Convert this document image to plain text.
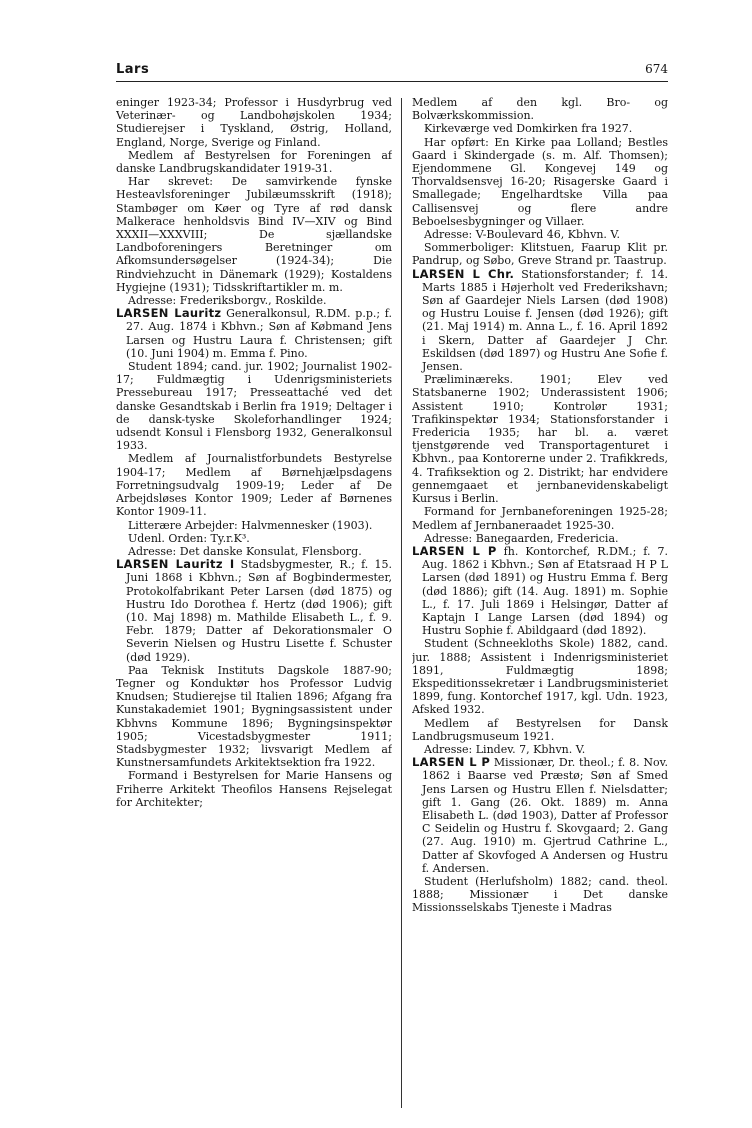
Lars	674

eninger 1923-34; Professor i Husdyrbrug ved Veterinær- og Landbohøjskolen 1934; Studierejser i Tyskland, Østrig, Holland, England, Norge, Sverige og Finland.

Medlem af Bestyrelsen for Foreningen af danske Landbrugskandidater 1919-31.

Har skrevet: De samvirkende fynske Hesteavlsforeninger Jubilæumsskrift (1918); Stambøger om Køer og Tyre af rød dansk Malkerace henholdsvis Bind IV—XIV og Bind XXXII—XXXVIII; De sjællandske Landboforeningers Beretninger om Afkomsundersøgelser (1924-34); Die Rindviehzucht in Dänemark (1929); Kostaldens Hygiejne (1931); Tidsskriftartikler m. m.

Adresse: Frederiksborgv., Roskilde.

LARSEN Lauritz Generalkonsul, R.DM. p.p.; f. 27. Aug. 1874 i Kbhvn.; Søn af Købmand Jens Larsen og Hustru Laura f. Christensen; gift (10. Juni 1904) m. Emma f. Pino.

Student 1894; cand. jur. 1902; Journalist 1902-17; Fuldmægtig i Udenrigsministeriets Pressebureau 1917; Presseattaché ved det danske Gesandtskab i Berlin fra 1919; Deltager i de dansk-tyske Skoleforhandlinger 1924; udsendt Konsul i Flensborg 1932, Generalkonsul 1933.

Medlem af Journalistforbundets Bestyrelse 1904-17; Medlem af Børnehjælpsdagens Forretningsudvalg 1909-19; Leder af De Arbejdsløses Kontor 1909; Leder af Børnenes Kontor 1909-11.

Litterære Arbejder: Halvmennesker (1903).

Udenl. Orden: Ty.r.K³.

Adresse: Det danske Konsulat, Flensborg.

LARSEN Lauritz I Stadsbygmester, R.; f. 15. Juni 1868 i Kbhvn.; Søn af Bogbindermester, Protokolfabrikant Peter Larsen (død 1875) og Hustru Ido Dorothea f. Hertz (død 1906); gift (10. Maj 1898) m. Mathilde Elisabeth L., f. 9. Febr. 1879; Datter af Dekorationsmaler O Severin Nielsen og Hustru Lisette f. Schuster (død 1929).

Paa Teknisk Instituts Dagskole 1887-90; Tegner og Konduktør hos Professor Ludvig Knudsen; Studierejse til Italien 1896; Afgang fra Kunstakademiet 1901; Bygningsassistent under Kbhvns Kommune 1896; Bygningsinspektør 1905; Vicestadsbygmester 1911; Stadsbygmester 1932; livsvarigt Medlem af Kunstnersamfundets Arkitektsektion fra 1922.

Formand i Bestyrelsen for Marie Hansens og Friherre Arkitekt Theofilos Hansens Rejselegat for Architekter;

Medlem af den kgl. Bro- og Bolværkskommission.

Kirkeværge ved Domkirken fra 1927.

Har opført: En Kirke paa Lolland; Bestles Gaard i Skindergade (s. m. Alf. Thomsen); Ejendommene Gl. Kongevej 149 og Thorvaldsensvej 16-20; Risagerske Gaard i Smallegade; Engelhardtske Villa paa Callisensvej og flere andre Beboelsesbygninger og Villaer.

Adresse: V-Boulevard 46, Kbhvn. V.

Sommerboliger: Klitstuen, Faarup Klit pr. Pandrup, og Søbo, Greve Strand pr. Taastrup.

LARSEN L Chr. Stationsforstander; f. 14. Marts 1885 i Højerholt ved Frederikshavn; Søn af Gaardejer Niels Larsen (død 1908) og Hustru Louise f. Jensen (død 1926); gift (21. Maj 1914) m. Anna L., f. 16. April 1892 i Skern, Datter af Gaardejer J Chr. Eskildsen (død 1897) og Hustru Ane Sofie f. Jensen.

Præliminæreks. 1901; Elev ved Statsbanerne 1902; Underassistent 1906; Assistent 1910; Kontrolør 1931; Trafikinspektør 1934; Stationsforstander i Fredericia 1935; har bl. a. været tjenstgørende ved Transportagenturet i Kbhvn., paa Kontorerne under 2. Trafikkreds, 4. Trafiksektion og 2. Distrikt; har endvidere gennemgaaet et jernbanevidenskabeligt Kursus i Berlin.

Formand for Jernbaneforeningen 1925-28; Medlem af Jernbaneraadet 1925-30.

Adresse: Banegaarden, Fredericia.

LARSEN L P fh. Kontorchef, R.DM.; f. 7. Aug. 1862 i Kbhvn.; Søn af Etatsraad H P L Larsen (død 1891) og Hustru Emma f. Berg (død 1886); gift (14. Aug. 1891) m. Sophie L., f. 17. Juli 1869 i Helsingør, Datter af Kaptajn I Lange Larsen (død 1894) og Hustru Sophie f. Abildgaard (død 1892).

Student (Schneekloths Skole) 1882, cand. jur. 1888; Assistent i Indenrigsministeriet 1891, Fuldmægtig 1898; Ekspeditionssekretær i Landbrugsministeriet 1899, fung. Kontorchef 1917, kgl. Udn. 1923, Afsked 1932.

Medlem af Bestyrelsen for Dansk Landbrugsmuseum 1921.

Adresse: Lindev. 7, Kbhvn. V.

LARSEN L P Missionær, Dr. theol.; f. 8. Nov. 1862 i Baarse ved Præstø; Søn af Smed Jens Larsen og Hustru Ellen f. Nielsdatter; gift 1. Gang (26. Okt. 1889) m. Anna Elisabeth L. (død 1903), Datter af Professor C Seidelin og Hustru f. Skovgaard; 2. Gang (27. Aug. 1910) m. Gjertrud Cathrine L., Datter af Skovfoged A Andersen og Hustru f. Andersen.

Student (Herlufsholm) 1882; cand. theol. 1888; Missionær i Det danske Missionsselskabs Tjeneste i Madras
